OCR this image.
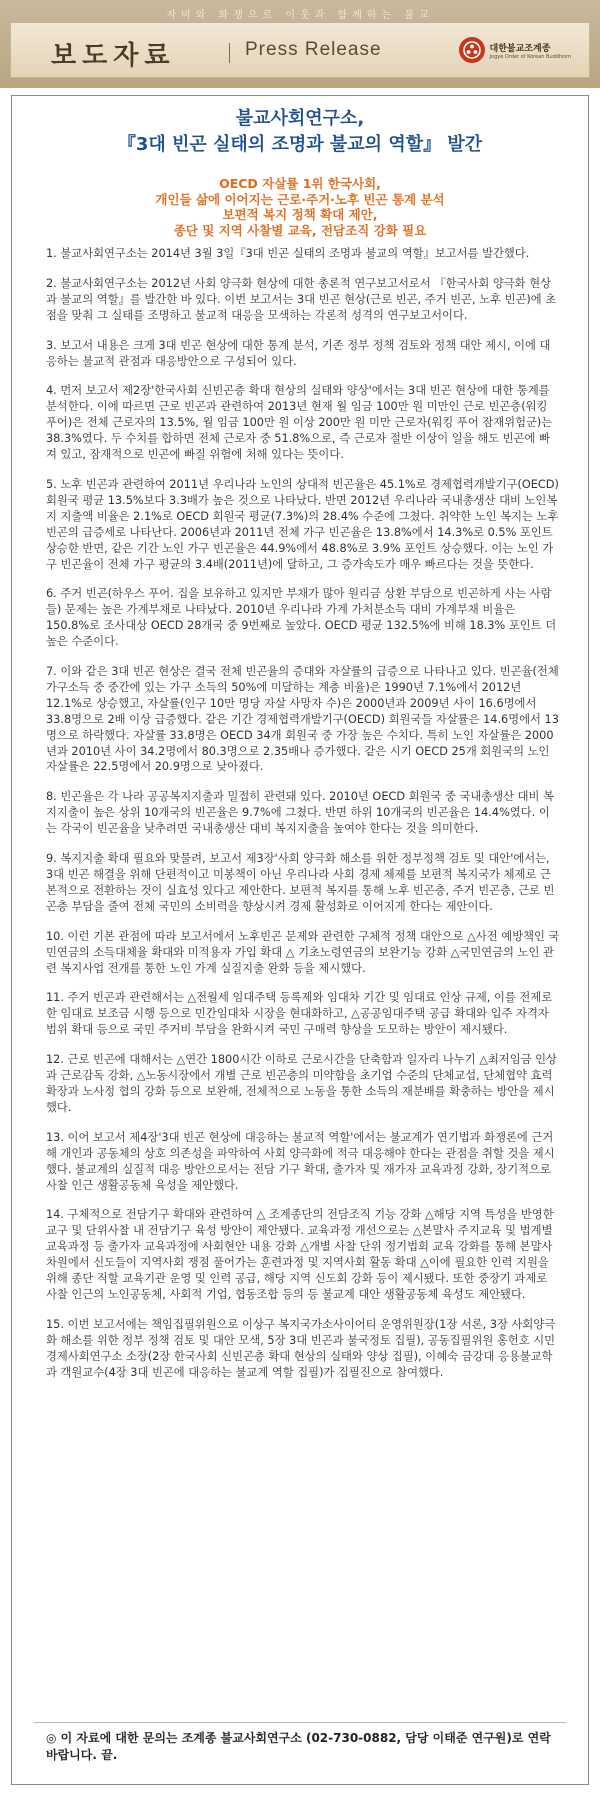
자비와 화쟁으로 이웃과 함께하는 불교
보도자료	Press Release	대한불교조계종
Jogye Order of Korean Buddhism
불교사회연구소,
『3대 빈곤 실태의 조명과 불교의 역할』 발간
OECD 자살률 1위 한국사회,
개인들 삶에 이어지는 근로·주거·노후 빈곤 통계 분석
보편적 복지 정책 확대 제안,
종단 및 지역 사찰별 교육, 전담조직 강화 필요

1. 불교사회연구소는 2014년 3월 3일『3대 빈곤 실태의 조명과 불교의 역할』보고서를 발간했다.

2. 불교사회연구소는 2012년 사회 양극화 현상에 대한 총론적 연구보고서로서 『한국사회 양극화 현상과 불교의 역할』를 발간한 바 있다. 이번 보고서는 3대 빈곤 현상(근로 빈곤, 주거 빈곤, 노후 빈곤)에 초점을 맞춰 그 실태를 조명하고 불교적 대응을 모색하는 각론적 성격의 연구보고서이다.

3. 보고서 내용은 크게 3대 빈곤 현상에 대한 통계 분석, 기존 정부 정책 검토와 정책 대안 제시, 이에 대응하는 불교적 관점과 대응방안으로 구성되어 있다.

4. 먼저 보고서 제2장'한국사회 신빈곤층 확대 현상의 실태와 양상'에서는 3대 빈곤 현상에 대한 통계를 분석한다. 이에 따르면 근로 빈곤과 관련하여 2013년 현재 월 임금 100만 원 미만인 근로 빈곤층(워킹 푸어)은 전체 근로자의 13.5%, 월 임금 100만 원 이상 200만 원 미만 근로자(워킹 푸어 잠재위험군)는 38.3%였다. 두 수치를 합하면 전체 근로자 중 51.8%으로, 즉 근로자 절반 이상이 일을 해도 빈곤에 빠져 있고, 잠재적으로 빈곤에 빠질 위험에 처해 있다는 뜻이다.

5. 노후 빈곤과 관련하여 2011년 우리나라 노인의 상대적 빈곤율은 45.1%로 경제협력개발기구(OECD) 회원국 평균 13.5%보다 3.3배가 높은 것으로 나타났다. 반면 2012년 우리나라 국내총생산 대비 노인복지 지출액 비율은 2.1%로 OECD 회원국 평균(7.3%)의 28.4% 수준에 그쳤다. 취약한 노인 복지는 노후 빈곤의 급증세로 나타난다. 2006년과 2011년 전체 가구 빈곤율은 13.8%에서 14.3%로 0.5% 포인트 상승한 반면, 같은 기간 노인 가구 빈곤율은 44.9%에서 48.8%로 3.9% 포인트 상승했다. 이는 노인 가구 빈곤율이 전체 가구 평균의 3.4배(2011년)에 달하고, 그 증가속도가 매우 빠르다는 것을 뜻한다.

6. 주거 빈곤(하우스 푸어. 집을 보유하고 있지만 부채가 많아 원리금 상환 부담으로 빈곤하게 사는 사람들) 문제는 높은 가계부채로 나타났다. 2010년 우리나라 가계 가처분소득 대비 가계부채 비율은 150.8%로 조사대상 OECD 28개국 중 9번째로 높았다. OECD 평균 132.5%에 비해 18.3% 포인트 더 높은 수준이다.

7. 이와 같은 3대 빈곤 현상은 결국 전체 빈곤율의 증대와 자살률의 급증으로 나타나고 있다. 빈곤율(전체 가구소득 중 중간에 있는 가구 소득의 50%에 미달하는 계층 비율)은 1990년 7.1%에서 2012년 12.1%로 상승했고, 자살률(인구 10만 명당 자살 사망자 수)은 2000년과 2009년 사이 16.6명에서 33.8명으로 2배 이상 급증했다. 같은 기간 경제협력개발기구(OECD) 회원국들 자살률은 14.6명에서 13명으로 하락했다. 자살률 33.8명은 OECD 34개 회원국 중 가장 높은 수치다. 특히 노인 자살률은 2000년과 2010년 사이 34.2명에서 80.3명으로 2.35배나 증가했다. 같은 시기 OECD 25개 회원국의 노인 자살률은 22.5명에서 20.9명으로 낮아졌다.

8. 빈곤율은 각 나라 공공복지지출과 밀접히 관련돼 있다. 2010년 OECD 회원국 중 국내총생산 대비 복지지출이 높은 상위 10개국의 빈곤율은 9.7%에 그쳤다. 반면 하위 10개국의 빈곤율은 14.4%였다. 이는 각국이 빈곤율을 낮추려면 국내총생산 대비 복지지출을 높여야 한다는 것을 의미한다.

9. 복지지출 확대 필요와 맞물려, 보고서 제3장'사회 양극화 해소를 위한 정부정책 검토 및 대안'에서는, 3대 빈곤 해결을 위해 단편적이고 미봉책이 아닌 우리나라 사회 경제 체제를 보편적 복지국가 체제로 근본적으로 전환하는 것이 실효성 있다고 제안한다. 보편적 복지를 통해 노후 빈곤층, 주거 빈곤층, 근로 빈곤층 부담을 줄여 전체 국민의 소비력을 향상시켜 경제 활성화로 이어지게 한다는 제안이다.

10. 이런 기본 관점에 따라 보고서에서 노후빈곤 문제와 관련한 구체적 정책 대안으로 △사전 예방책인 국민연금의 소득대체율 확대와 미적용자 가입 확대 △ 기초노령연금의 보완기능 강화 △국민연금의 노인 관련 복지사업 전개를 통한 노인 가계 실질지출 완화 등을 제시했다.

11. 주거 빈곤과 관련해서는 △전월세 임대주택 등록제와 임대차 기간 및 임대료 인상 규제, 이를 전제로 한 임대료 보조금 시행 등으로 민간임대차 시장을 현대화하고, △공공임대주택 공급 확대와 입주 자격자 범위 확대 등으로 국민 주거비 부담을 완화시켜 국민 구매력 향상을 도모하는 방안이 제시됐다.

12. 근로 빈곤에 대해서는 △연간 1800시간 이하로 근로시간을 단축함과 일자리 나누기 △최저임금 인상과 근로감독 강화, △노동시장에서 개별 근로 빈곤층의 미약함을 초기업 수준의 단체교섭, 단체협약 효력 확장과 노사정 협의 강화 등으로 보완해, 전체적으로 노동을 통한 소득의 재분배를 확충하는 방안을 제시했다.

13. 이어 보고서 제4장'3대 빈곤 현상에 대응하는 불교적 역할'에서는 불교계가 연기법과 화쟁론에 근거해 개인과 공동체의 상호 의존성을 파악하여 사회 양극화에 적극 대응해야 한다는 관점을 취할 것을 제시했다. 불교계의 실질적 대응 방안으로서는 전담 기구 확대, 출가자 및 재가자 교육과정 강화, 장기적으로 사찰 인근 생활공동체 육성을 제안했다.

14. 구체적으로 전담기구 확대와 관련하여 △ 조계종단의 전담조직 기능 강화 △해당 지역 특성을 반영한 교구 및 단위사찰 내 전담기구 육성 방안이 제안됐다. 교육과정 개선으로는 △본말사 주지교육 및 법계별 교육과정 등 출가자 교육과정에 사회현안 내용 강화 △개별 사찰 단위 정기법회 교육 강화를 통해 본말사 차원에서 신도들이 지역사회 쟁점 풀어가는 훈련과정 및 지역사회 활동 확대 △이에 필요한 인력 지원을 위해 종단 직할 교육기관 운영 및 인력 공급, 해당 지역 신도회 강화 등이 제시됐다. 또한 중장기 과제로 사찰 인근의 노인공동체, 사회적 기업, 협동조합 등의 등 불교계 대안 생활공동체 육성도 제안됐다.

15. 이번 보고서에는 책임집필위원으로 이상구 복지국가소사이어티 운영위원장(1장 서론, 3장 사회양극화 해소를 위한 정부 정책 검토 및 대안 모색, 5장 3대 빈곤과 불국정토 집필), 공동집필위원 홍헌호 시민경제사회연구소 소장(2장 한국사회 신빈곤층 확대 현상의 실태와 양상 집필), 이혜숙 금강대 응용불교학과 객원교수(4장 3대 빈곤에 대응하는 불교계 역할 집필)가 집필진으로 참여했다.

◎ 이 자료에 대한 문의는 조계종 불교사회연구소 (02-730-0882, 담당 이태준 연구원)로 연락 바랍니다. 끝.
